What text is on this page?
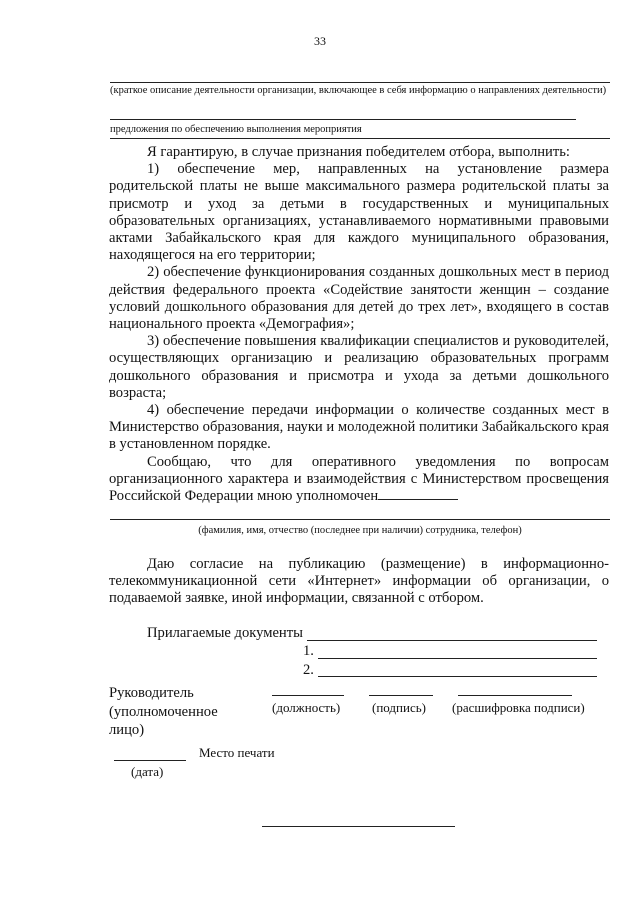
33
(краткое описание деятельности организации, включающее в себя информацию о направлениях деятельности)
предложения по обеспечению выполнения мероприятия

Я гарантирую, в случае признания победителем отбора, выполнить:

1) обеспечение мер, направленных на установление размера родительской платы не выше максимального размера родительской платы за присмотр и уход за детьми в государственных и муниципальных образовательных организациях, устанавливаемого нормативными правовыми актами Забайкальского края для каждого муниципального образования, находящегося на его территории;

2) обеспечение функционирования созданных дошкольных мест в период действия федерального проекта «Содействие занятости женщин – создание условий дошкольного образования для детей до трех лет», входящего в состав национального проекта «Демография»;

3) обеспечение повышения квалификации специалистов и руководителей, осуществляющих организацию и реализацию образовательных программ дошкольного образования и присмотра и ухода за детьми дошкольного возраста;

4) обеспечение передачи информации о количестве созданных мест в Министерство образования, науки и молодежной политики Забайкальского края в установленном порядке.

Сообщаю, что для оперативного уведомления по вопросам организационного характера и взаимодействия с Министерством просвещения Российской Федерации мною уполномочен

(фамилия, имя, отчество (последнее при наличии) сотрудника, телефон)

Даю согласие на публикацию (размещение) в информационно-телекоммуникационной сети «Интернет» информации об организации, о подаваемой заявке, иной информации, связанной с отбором.

Прилагаемые документы
1.
2.
Руководитель
(уполномоченное
лицо)
(должность) (подпись) (расшифровка подписи)
Место печати
(дата)
